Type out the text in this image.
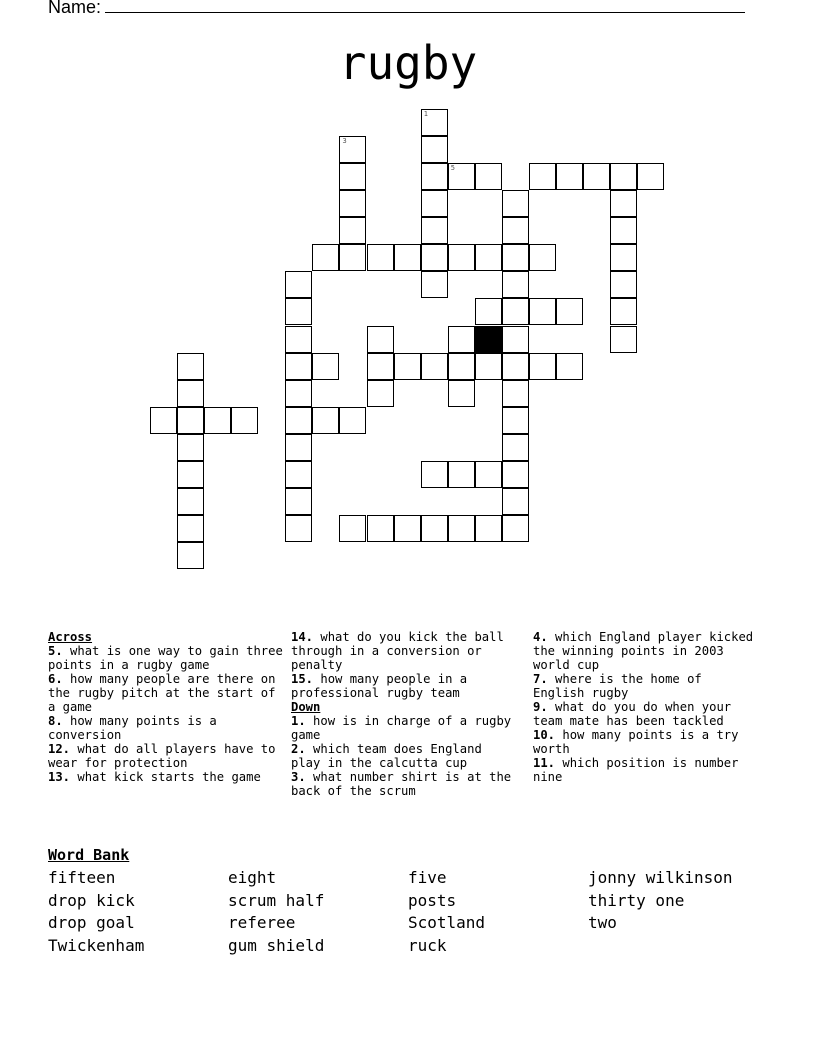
Name:
rugby
1
3
5
Across
5. what is one way to gain three points in a rugby game
6. how many people are there on the rugby pitch at the start of a game
8. how many points is a conversion
12. what do all players have to wear for protection
13. what kick starts the game
14. what do you kick the ball through in a conversion or penalty
15. how many people in a professional rugby team
Down
1. how is in charge of a rugby game
2. which team does England play in the calcutta cup
3. what number shirt is at the back of the scrum
4. which England player kicked the winning points in 2003 world cup
7. where is the home of English rugby
9. what do you do when your team mate has been tackled
10. how many points is a try worth
11. which position is number nine
Word Bank
fifteen	eight	five	jonny wilkinson
drop kick	scrum half	posts	thirty one
drop goal	referee	Scotland	two
Twickenham	gum shield	ruck
